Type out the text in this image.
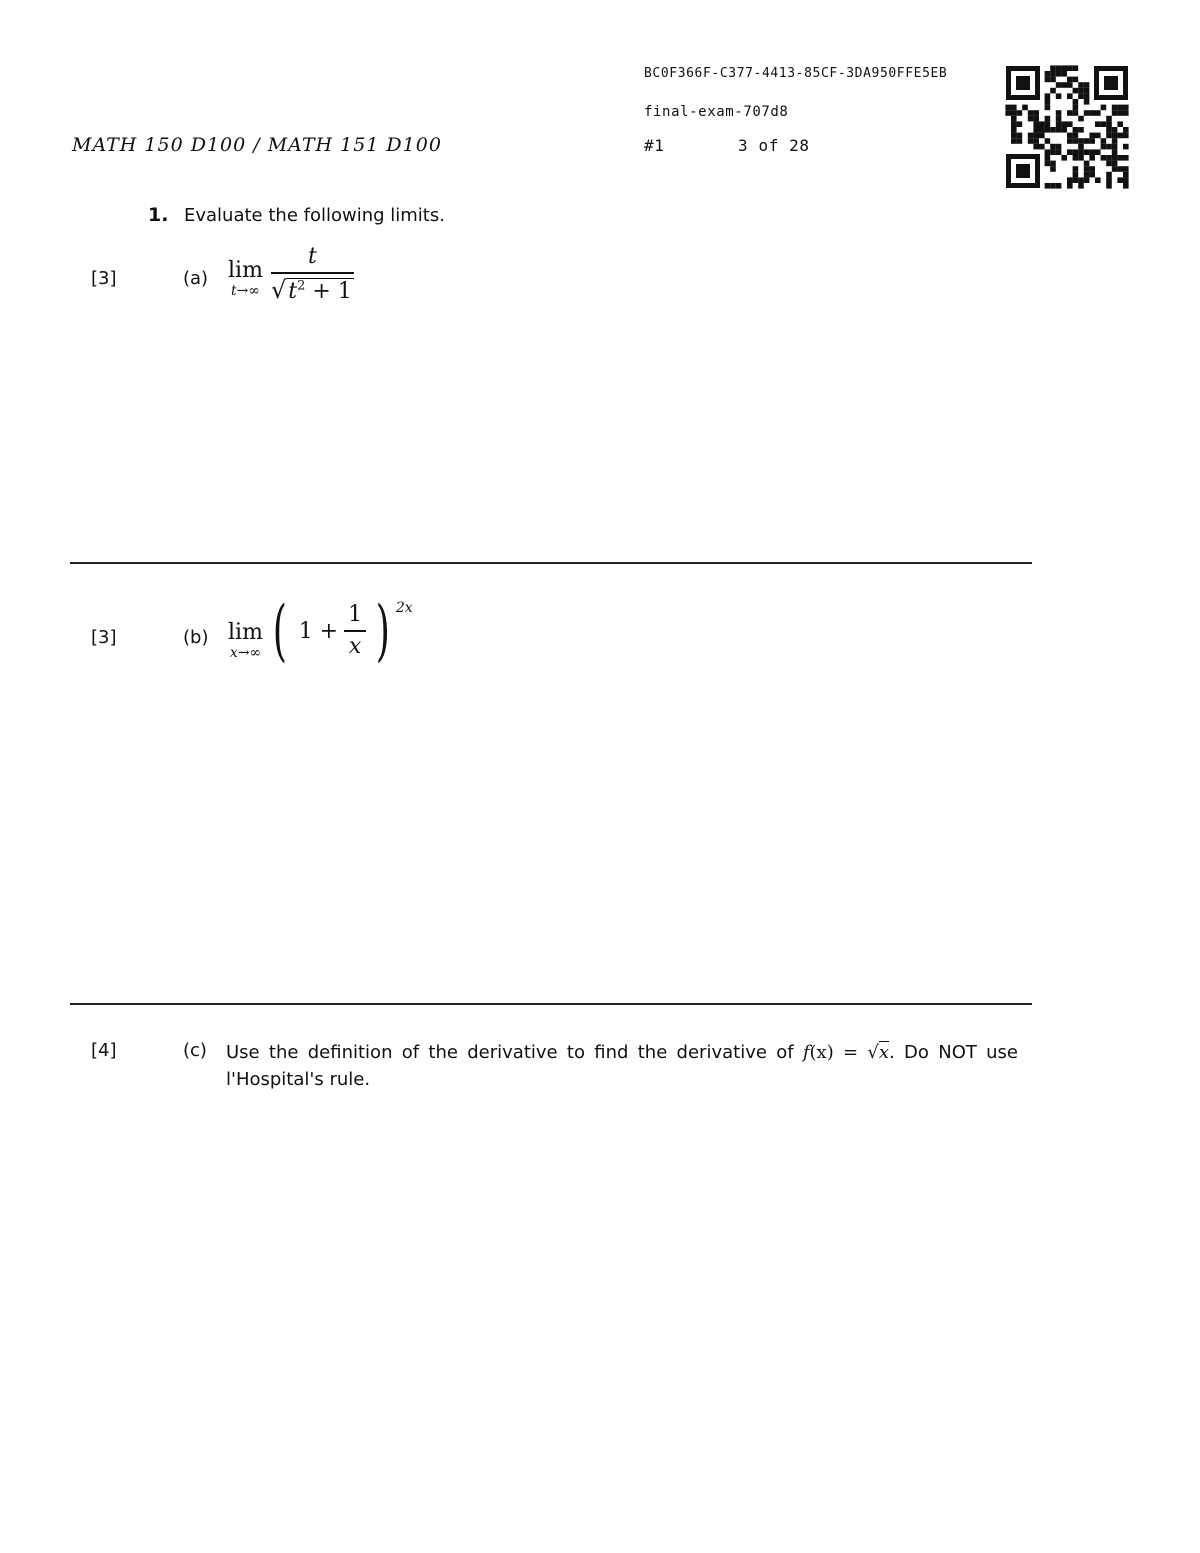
MATH 150 D100 / MATH 151 D100
BC0F366F-C377-4413-85CF-3DA950FFE5EB
final-exam-707d8
#1	3 of 28
1. Evaluate the following limits.
[3]	(a) lim
$t\to\infty \frac{t}{√t^2 + 1}$
[3]	(b) lim
x→∞ ( $1 + \frac{1}{x}$ ) 2x
[4]	(c) Use the definition of the derivative to find the derivative of f(x) = √x. Do NOT use l'Hospital's rule.
